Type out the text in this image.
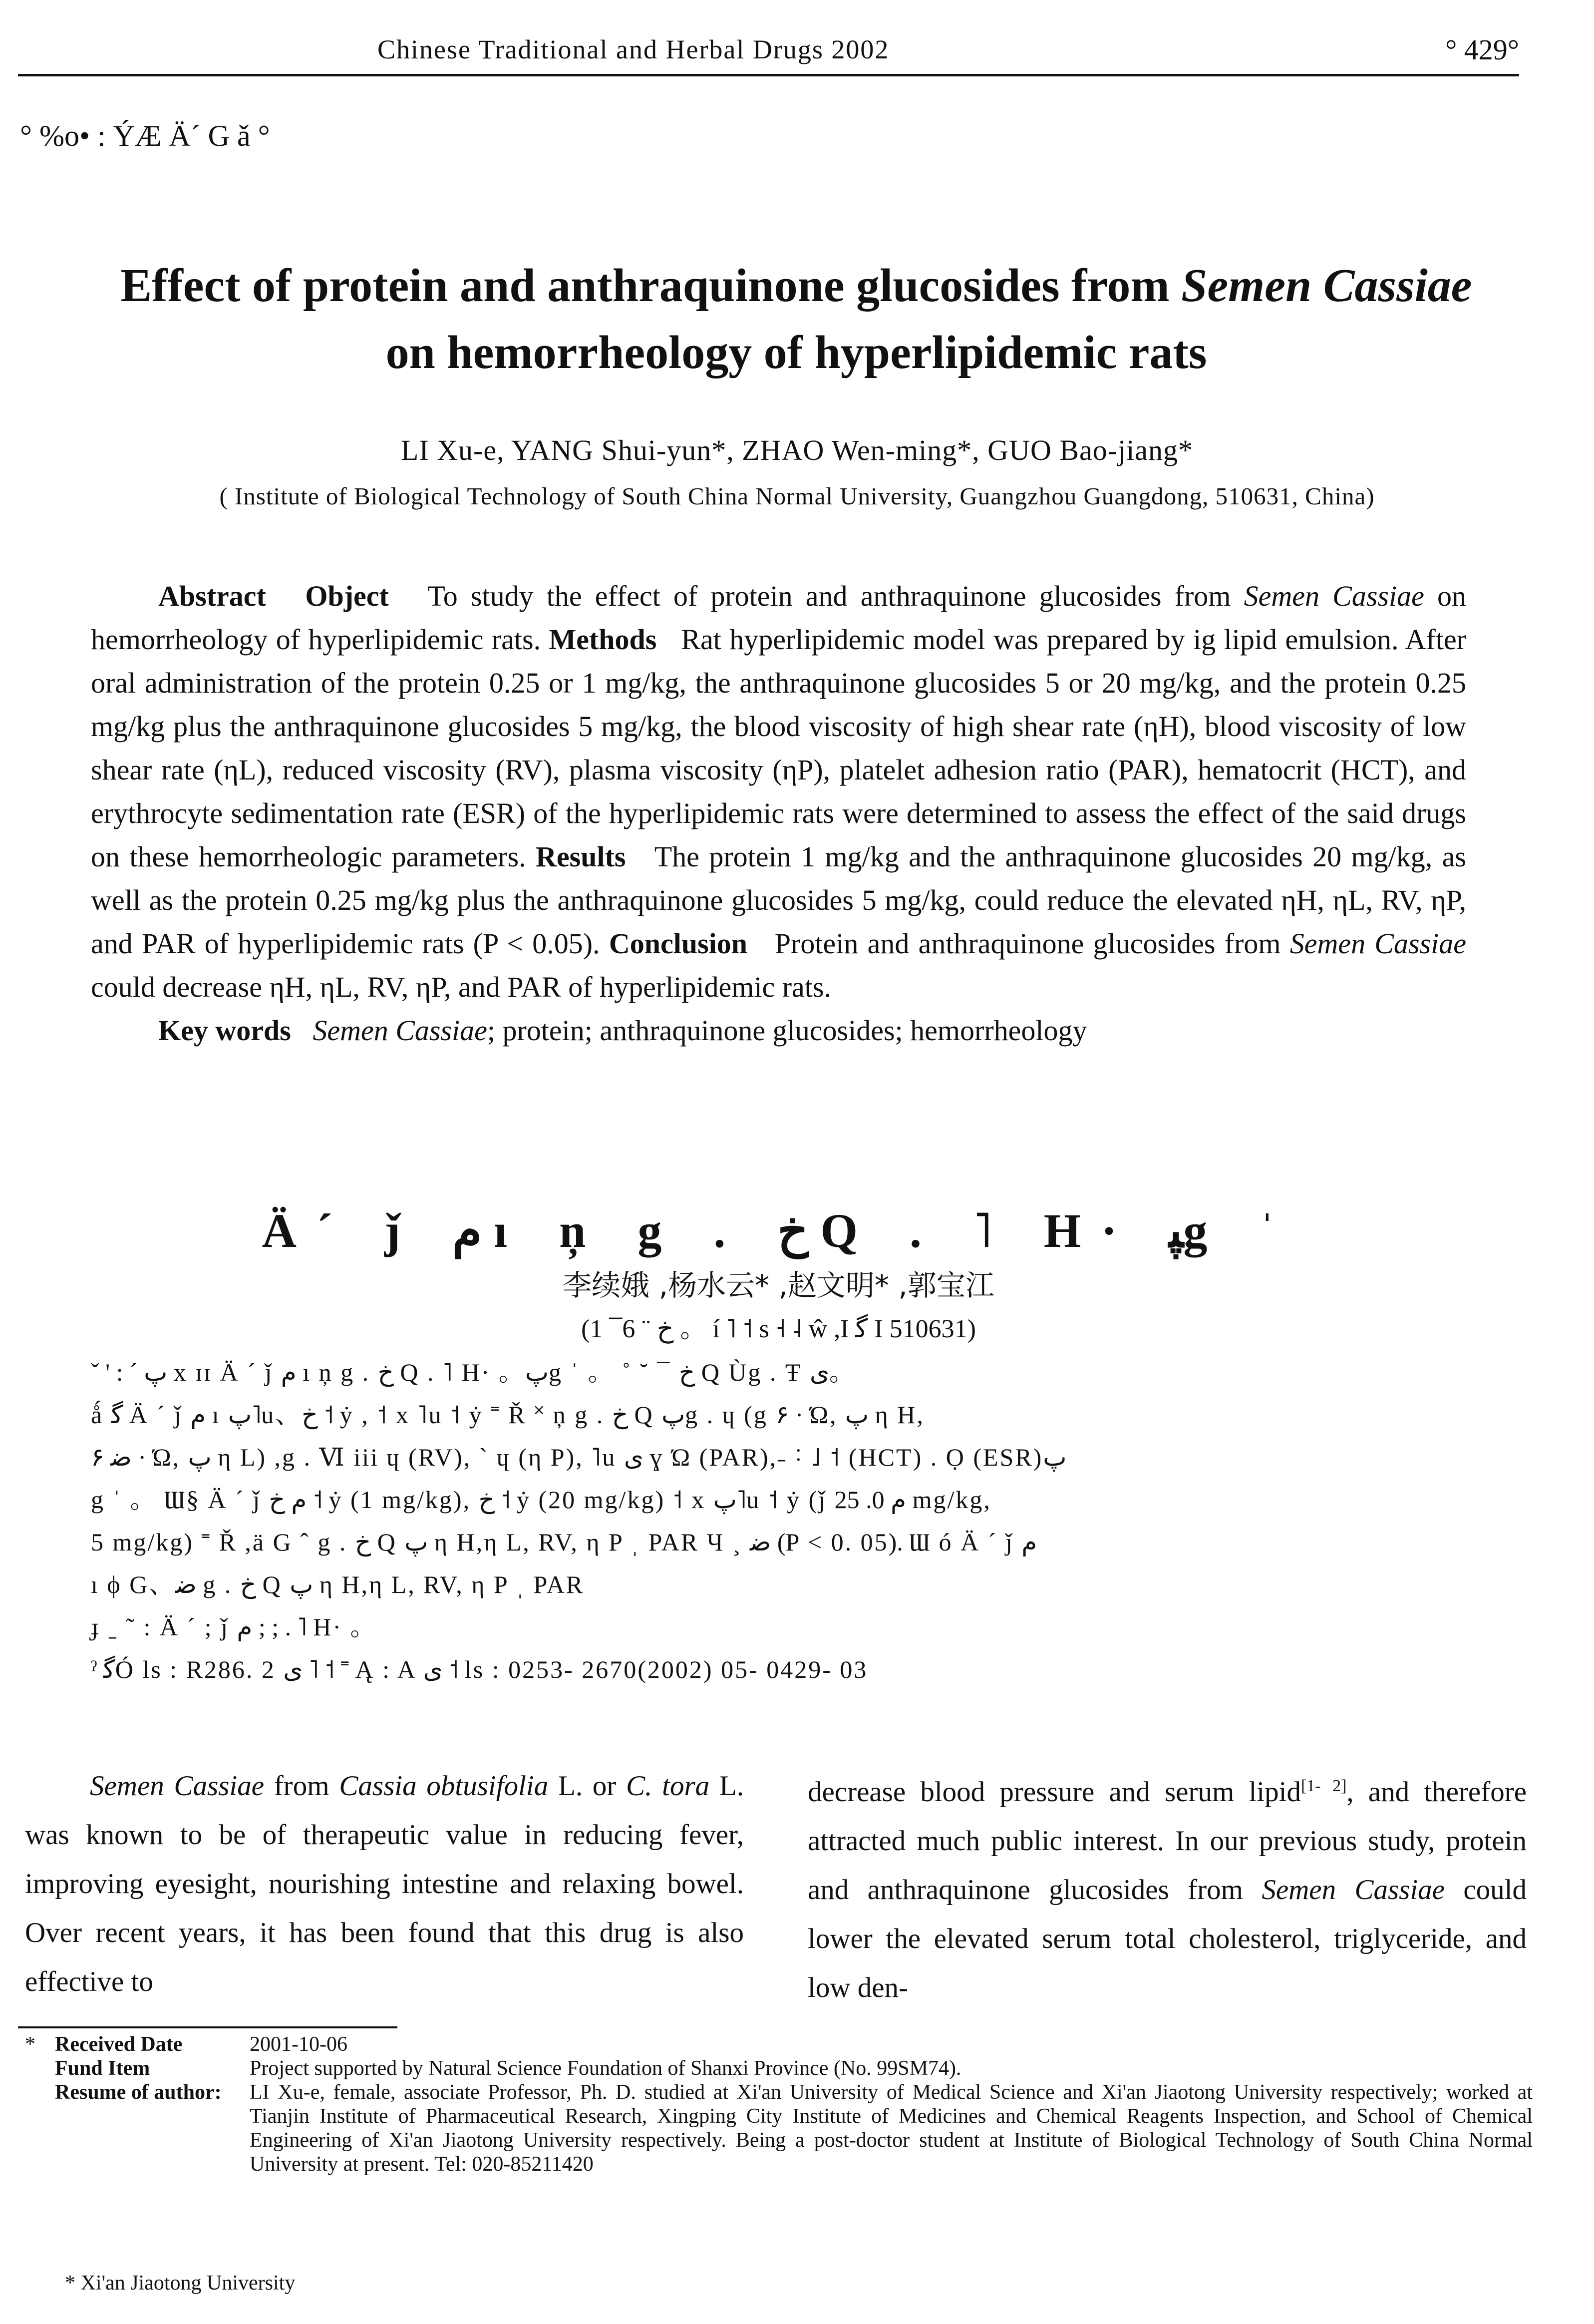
Chinese Traditional and Herbal Drugs 2002	° 429°
° %o• : ÝÆ Ä´ G ǎ °
Effect of protein and anthraquinone glucosides from Semen Cassiae
on hemorrheology of hyperlipidemic rats
LI Xu-e, YANG Shui-yun*, ZHAO Wen-ming*, GUO Bao-jiang*
( Institute of Biological Technology of South China Normal University, Guangzhou Guangdong, 510631, China)

Abstract Object To study the effect of protein and anthraquinone glucosides from Semen Cassiae on hemorrheology of hyperlipidemic rats. Methods Rat hyperlipidemic model was prepared by ig lipid emulsion. After oral administration of the protein 0.25 or 1 mg/kg, the anthraquinone glucosides 5 or 20 mg/kg, and the protein 0.25 mg/kg plus the anthraquinone glucosides 5 mg/kg, the blood viscosity of high shear rate (ηH), blood viscosity of low shear rate (ηL), reduced viscosity (RV), plasma viscosity (ηP), platelet adhesion ratio (PAR), hematocrit (HCT), and erythrocyte sedimentation rate (ESR) of the hyperlipidemic rats were determined to assess the effect of the said drugs on these hemorrheologic parameters. Results The protein 1 mg/kg and the anthraquinone glucosides 20 mg/kg, as well as the protein 0.25 mg/kg plus the anthraquinone glucosides 5 mg/kg, could reduce the elevated ηH, ηL, RV, ηP, and PAR of hyperlipidemic rats (P < 0.05). Conclusion Protein and anthraquinone glucosides from Semen Cassiae could decrease ηH, ηL, RV, ηP, and PAR of hyperlipidemic rats.

Key words Semen Cassiae; protein; anthraquinone glucosides; hemorrheology

Ä´ ǰ م ı ņ g . خ Q . ˥ H· ﭙg ˈ
李续娥 ,杨水云* ,赵文明* ,郭宝江
(1 ¯6 ¨ خ 。 í ˥ ˦ s ˧ ˨ ŵ ,I ﮔ I 510631)
ˇ ' : ˊ پ x ɪɪ Ä ´ ǰ م ı ņ g . خ Q . ˥ H· 。پg ˈ 。 ˚ ˘ ¯ خ Q Ùg . Ŧ ﯼ。
ǻ ﮔ Ä ´ ǰ م ı پ˥u、خ ˦ ẏ , ˦ x ˥u ˦ ẏ ˭ Ř ˟ ņ g . خ Q پg . ɥ (g ۶ · Ώ, پ η H,
ﺿ ۶ · Ώ, پ η L) ,g . Ⅵ iii ɥ (RV), ` ɥ (η P), ˥u ی ɣ Ώ (PAR),˗ ˸ ˩ ˦ (HCT) . Ọ (ESR)پ
g ˈ 。 Ɯ§ Ä ´ ǰ م خ ˦ ẏ (1 mg/kg), خ ˦ ẏ (20 mg/kg) ˦ x پ˥u ˦ ẏ (ǰ م 0. 25 mg/kg,
5 mg/kg) ˭ Ř ,ä G ˆ g . خ Q پ η H,η L, RV, η P ˌ PAR Ч ¸ ﺿ (P < 0. 05). Ɯ ó Ä ´ ǰ م
ı ϕ G、ﺿ g . خ Q پ η H,η L, RV, η P ˌ PAR
ɟ ˍ ˜ : Ä ´ ; ǰ م ; ; . ˥ H· 。
ˀ ﮔÓ ls : R286. 2 ی ˥ ˦ ˭ Ą : A ی ˦ ls : 0253- 2670(2002) 05- 0429- 03

Semen Cassiae from Cassia obtusifolia L. or C. tora L. was known to be of therapeutic value in reducing fever, improving eyesight, nourishing intestine and relaxing bowel. Over recent years, it has been found that this drug is also effective to

decrease blood pressure and serum lipid[1- 2], and therefore attracted much public interest. In our previous study, protein and anthraquinone glucosides from Semen Cassiae could lower the elevated serum total cholesterol, triglyceride, and low den-

* Received Date	2001-10-06
Fund Item	Project supported by Natural Science Foundation of Shanxi Province (No. 99SM74).
Resume of author:	LI Xu-e, female, associate Professor, Ph. D. studied at Xi'an University of Medical Science and Xi'an Jiaotong University respectively; worked at Tianjin Institute of Pharmaceutical Research, Xingping City Institute of Medicines and Chemical Reagents Inspection, and School of Chemical Engineering of Xi'an Jiaotong University respectively. Being a post-doctor student at Institute of Biological Technology of South China Normal University at present. Tel: 020-85211420
* Xi'an Jiaotong University
